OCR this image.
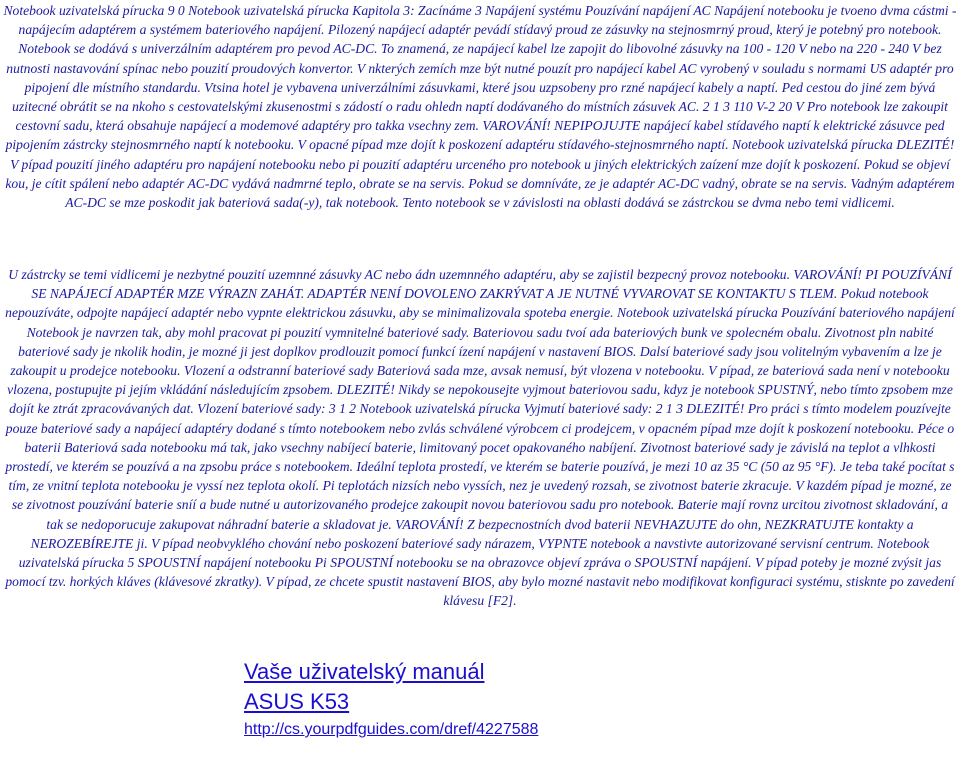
Notebook uzivatelská pírucka 9 0 Notebook uzivatelská pírucka Kapitola 3: Zacínáme 3 Napájení systému Pouzívání napájení AC Napájení notebooku je tvoeno dvma cástmi - napájecím adaptérem a systémem bateriového napájení. Pilozený napájecí adaptér pevádí stídavý proud ze zásuvky na stejnosmrný proud, který je potebný pro notebook. Notebook se dodává s univerzálním adaptérem pro pevod AC-DC. To znamená, ze napájecí kabel lze zapojit do libovolné zásuvky na 100 - 120 V nebo na 220 - 240 V bez nutnosti nastavování spínac nebo pouzití proudových konvertor. V nkterých zemích mze být nutné pouzít pro napájecí kabel AC vyrobený v souladu s normami US adaptér pro pipojení dle místního standardu. Vtsina hotel je vybavena univerzálními zásuvkami, které jsou uzpsobeny pro rzné napájecí kabely a naptí. Ped cestou do jiné zem bývá uzitecné obrátit se na nkoho s cestovatelskými zkusenostmi s zádostí o radu ohledn naptí dodávaného do místních zásuvek AC. 2 1 3 110 V-2 20 V Pro notebook lze zakoupit cestovní sadu, která obsahuje napájecí a modemové adaptéry pro takka vsechny zem. VAROVÁNÍ! NEPIPOJUJTE napájecí kabel stídavého naptí k elektrické zásuvce ped pipojením zástrcky stejnosmrného naptí k notebooku. V opacné pípad mze dojít k poskození adaptéru stídavého-stejnosmrného naptí. Notebook uzivatelská pírucka DLEZITÉ! V pípad pouzití jiného adaptéru pro napájení notebooku nebo pi pouzití adaptéru urceného pro notebook u jiných elektrických zaízení mze dojít k poskození. Pokud se objeví kou, je cítit spálení nebo adaptér AC-DC vydává nadmrné teplo, obrate se na servis. Pokud se domníváte, ze je adaptér AC-DC vadný, obrate se na servis. Vadným adaptérem AC-DC se mze poskodit jak bateriová sada(-y), tak notebook. Tento notebook se v závislosti na oblasti dodává se zástrckou se dvma nebo temi vidlicemi.

U zástrcky se temi vidlicemi je nezbytné pouzití uzemnné zásuvky AC nebo ádn uzemnného adaptéru, aby se zajistil bezpecný provoz notebooku. VAROVÁNÍ! PI POUZÍVÁNÍ SE NAPÁJECÍ ADAPTÉR MZE VÝRAZN ZAHÁT. ADAPTÉR NENÍ DOVOLENO ZAKRÝVAT A JE NUTNÉ VYVAROVAT SE KONTAKTU S TLEM. Pokud notebook nepouzíváte, odpojte napájecí adaptér nebo vypnte elektrickou zásuvku, aby se minimalizovala spoteba energie. Notebook uzivatelská pírucka Pouzívání bateriového napájení Notebook je navrzen tak, aby mohl pracovat pi pouzití vymnitelné bateriové sady. Bateriovou sadu tvoí ada bateriových bunk ve spolecném obalu. Zivotnost pln nabité bateriové sady je nkolik hodin, je mozné ji jest doplkov prodlouzit pomocí funkcí ízení napájení v nastavení BIOS. Dalsí bateriové sady jsou volitelným vybavením a lze je zakoupit u prodejce notebooku. Vlození a odstranní bateriové sady Bateriová sada mze, avsak nemusí, být vlozena v notebooku. V pípad, ze bateriová sada není v notebooku vlozena, postupujte pi jejím vkládání následujícím zpsobem. DLEZITÉ! Nikdy se nepokousejte vyjmout bateriovou sadu, kdyz je notebook SPUSTNÝ, nebo tímto zpsobem mze dojít ke ztrát zpracovávaných dat. Vlození bateriové sady: 3 1 2 Notebook uzivatelská pírucka Vyjmutí bateriové sady: 2 1 3 DLEZITÉ! Pro práci s tímto modelem pouzívejte pouze bateriové sady a napájecí adaptéry dodané s tímto notebookem nebo zvlás schválené výrobcem ci prodejcem, v opacném pípad mze dojít k poskození notebooku. Péce o baterii Bateriová sada notebooku má tak, jako vsechny nabíjecí baterie, limitovaný pocet opakovaného nabíjení. Zivotnost bateriové sady je závislá na teplot a vlhkosti prostedí, ve kterém se pouzívá a na zpsobu práce s notebookem. Ideální teplota prostedí, ve kterém se baterie pouzívá, je mezi 10 az 35 °C (50 az 95 °F). Je teba také pocítat s tím, ze vnitní teplota notebooku je vyssí nez teplota okolí. Pi teplotách nizsích nebo vyssích, nez je uvedený rozsah, se zivotnost baterie zkracuje. V kazdém pípad je mozné, ze se zivotnost pouzívání baterie sníí a bude nutné u autorizovaného prodejce zakoupit novou bateriovou sadu pro notebook. Baterie mají rovnz urcitou zivotnost skladování, a tak se nedoporucuje zakupovat náhradní baterie a skladovat je. VAROVÁNÍ! Z bezpecnostních dvod baterii NEVHAZUJTE do ohn, NEZKRATUJTE kontakty a NEROZEBÍREJTE ji. V pípad neobvyklého chování nebo poskození bateriové sady nárazem, VYPNTE notebook a navstivte autorizované servisní centrum. Notebook uzivatelská pírucka 5 SPOUSTNÍ napájení notebooku Pi SPOUSTNÍ notebooku se na obrazovce objeví zpráva o SPOUSTNÍ napájení. V pípad poteby je mozné zvýsit jas pomocí tzv. horkých kláves (klávesové zkratky). V pípad, ze chcete spustit nastavení BIOS, aby bylo mozné nastavit nebo modifikovat konfiguraci systému, stisknte po zavedení klávesu [F2].

Vaše uživatelský manuál
ASUS K53
http://cs.yourpdfguides.com/dref/4227588
